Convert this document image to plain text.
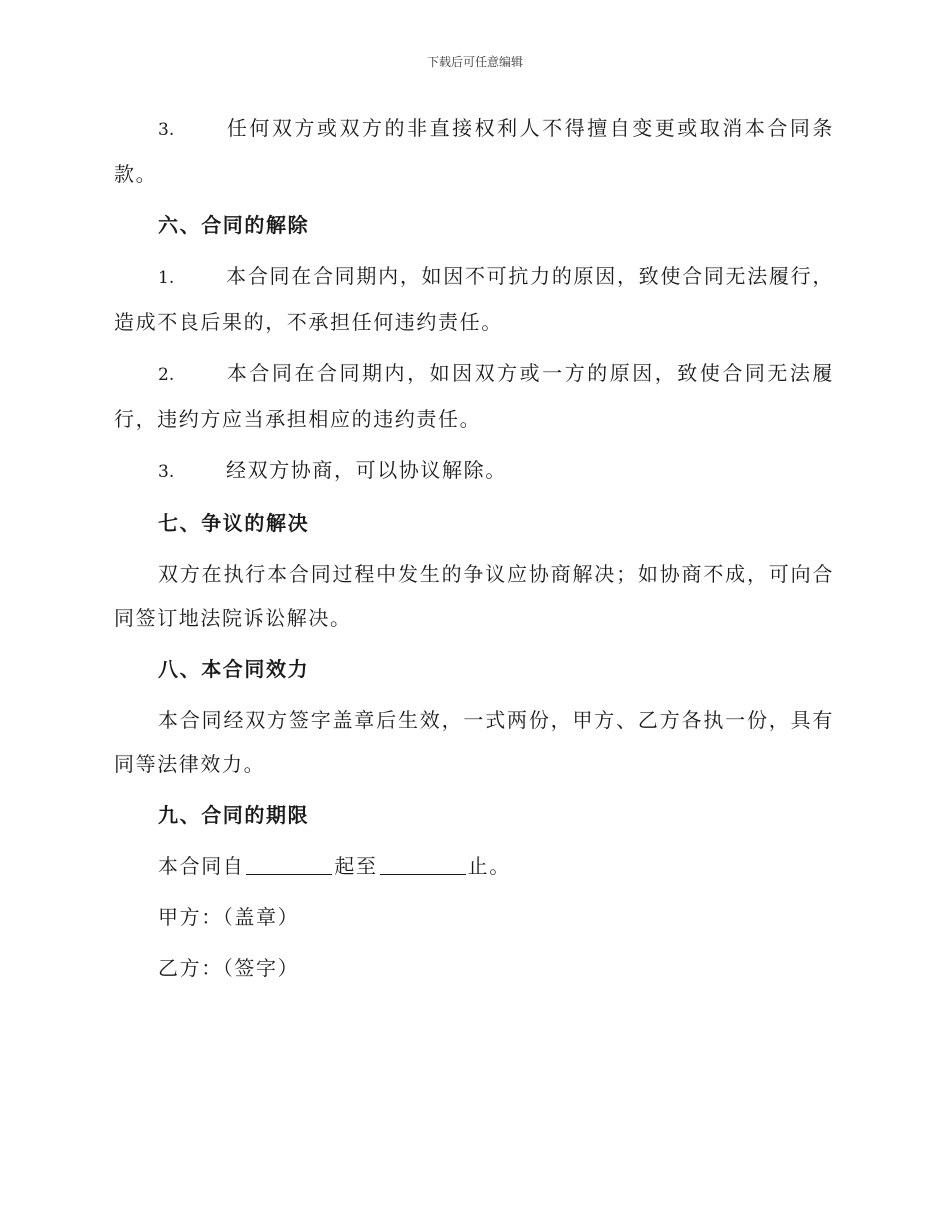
下载后可任意编辑

3.	任何双方或双方的非直接权利人不得擅自变更或取消本合同条款。

六、合同的解除

1.	本合同在合同期内，如因不可抗力的原因，致使合同无法履行，造成不良后果的，不承担任何违约责任。

2.	本合同在合同期内，如因双方或一方的原因，致使合同无法履行，违约方应当承担相应的违约责任。

3.	经双方协商，可以协议解除。

七、争议的解决

双方在执行本合同过程中发生的争议应协商解决；如协商不成，可向合同签订地法院诉讼解决。

八、本合同效力

本合同经双方签字盖章后生效，一式两份，甲方、乙方各执一份，具有同等法律效力。

九、合同的期限

本合同自	起至	止。

甲方：（盖章）

乙方：（签字）
